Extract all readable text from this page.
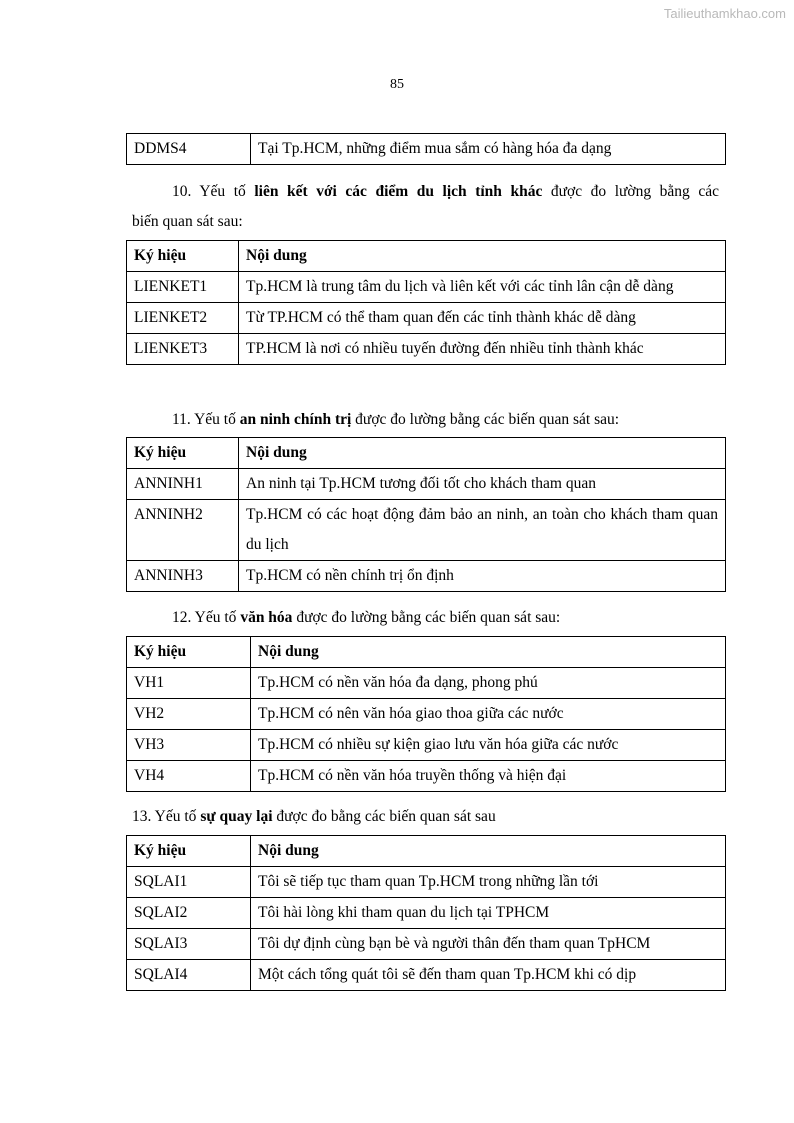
Tailieuthamkhao.com
85
DDMS4	Tại Tp.HCM, những điểm mua sắm có hàng hóa đa dạng
10. Yếu tố liên kết với các điểm du lịch tỉnh khác được đo lường bằng các
biến quan sát sau:
Ký hiệu	Nội dung
LIENKET1	Tp.HCM là trung tâm du lịch và liên kết với các tỉnh lân cận dễ dàng
LIENKET2	Từ TP.HCM có thể tham quan đến các tỉnh thành khác dễ dàng
LIENKET3	TP.HCM là nơi có nhiều tuyến đường đến nhiều tỉnh thành khác
11. Yếu tố an ninh chính trị được đo lường bằng các biến quan sát sau:
Ký hiệu	Nội dung
ANNINH1	An ninh tại Tp.HCM tương đối tốt cho khách tham quan
ANNINH2	Tp.HCM có các hoạt động đảm bảo an ninh, an toàn cho khách tham quan du lịch
ANNINH3	Tp.HCM có nền chính trị ổn định
12. Yếu tố văn hóa được đo lường bằng các biến quan sát sau:
Ký hiệu	Nội dung
VH1	Tp.HCM có nền văn hóa đa dạng, phong phú
VH2	Tp.HCM có nên văn hóa giao thoa giữa các nước
VH3	Tp.HCM có nhiều sự kiện giao lưu văn hóa giữa các nước
VH4	Tp.HCM có nền văn hóa truyền thống và hiện đại
13. Yếu tố sự quay lại được đo bằng các biến quan sát sau
Ký hiệu	Nội dung
SQLAI1	Tôi sẽ tiếp tục tham quan Tp.HCM trong những lần tới
SQLAI2	Tôi hài lòng khi tham quan du lịch tại TPHCM
SQLAI3	Tôi dự định cùng bạn bè và người thân đến tham quan TpHCM
SQLAI4	Một cách tổng quát tôi sẽ đến tham quan Tp.HCM khi có dịp
